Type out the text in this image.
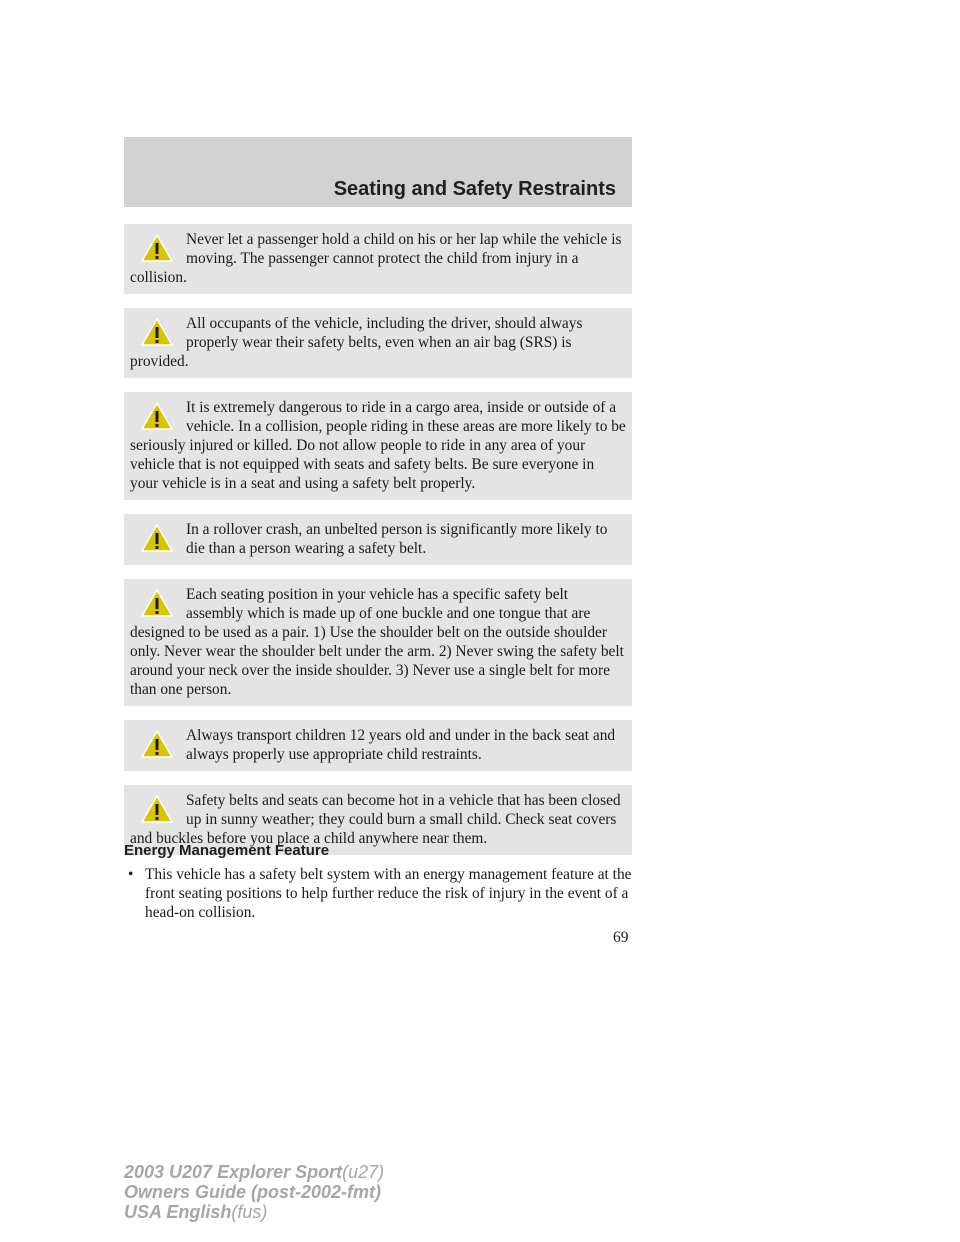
Seating and Safety Restraints
Never let a passenger hold a child on his or her lap while the vehicle is moving. The passenger cannot protect the child from injury in a collision.
All occupants of the vehicle, including the driver, should always properly wear their safety belts, even when an air bag (SRS) is provided.
It is extremely dangerous to ride in a cargo area, inside or outside of a vehicle. In a collision, people riding in these areas are more likely to be seriously injured or killed. Do not allow people to ride in any area of your vehicle that is not equipped with seats and safety belts. Be sure everyone in your vehicle is in a seat and using a safety belt properly.
In a rollover crash, an unbelted person is significantly more likely to die than a person wearing a safety belt.
Each seating position in your vehicle has a specific safety belt assembly which is made up of one buckle and one tongue that are designed to be used as a pair. 1) Use the shoulder belt on the outside shoulder only. Never wear the shoulder belt under the arm. 2) Never swing the safety belt around your neck over the inside shoulder. 3) Never use a single belt for more than one person.
Always transport children 12 years old and under in the back seat and always properly use appropriate child restraints.
Safety belts and seats can become hot in a vehicle that has been closed up in sunny weather; they could burn a small child. Check seat covers and buckles before you place a child anywhere near them.
Energy Management Feature
• This vehicle has a safety belt system with an energy management feature at the front seating positions to help further reduce the risk of injury in the event of a head-on collision.
69
2003 U207 Explorer Sport(u27)
Owners Guide (post-2002-fmt)
USA English(fus)
